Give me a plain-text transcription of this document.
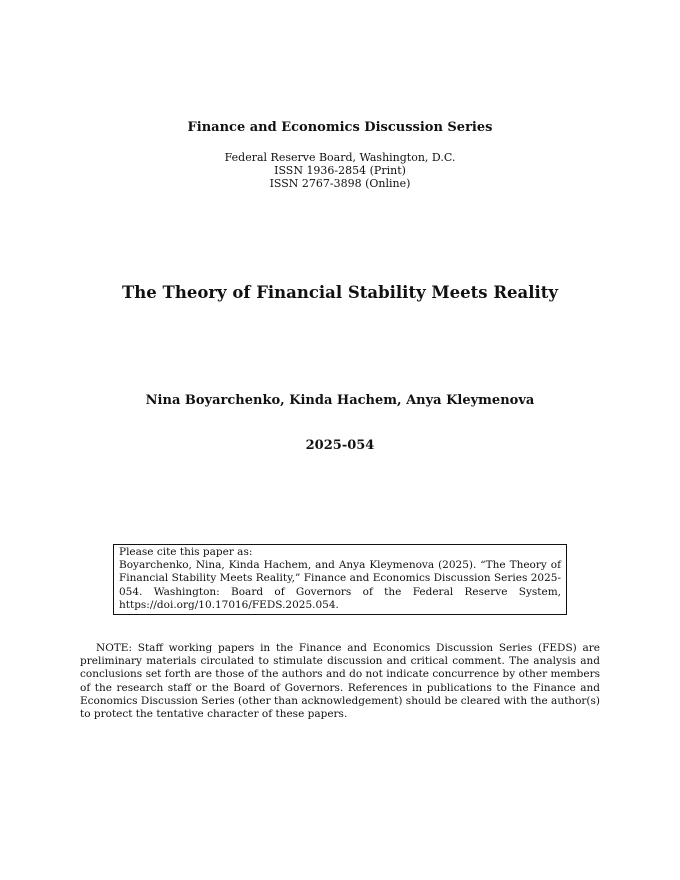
Finance and Economics Discussion Series
Federal Reserve Board, Washington, D.C.
ISSN 1936-2854 (Print)
ISSN 2767-3898 (Online)
The Theory of Financial Stability Meets Reality
Nina Boyarchenko, Kinda Hachem, Anya Kleymenova
2025-054
Please cite this paper as:
Boyarchenko, Nina, Kinda Hachem, and Anya Kleymenova (2025). “The Theory of Financial Stability Meets Reality,” Finance and Economics Discussion Series 2025-054. Washington: Board of Governors of the Federal Reserve System, https://doi.org/10.17016/FEDS.2025.054.
NOTE: Staff working papers in the Finance and Economics Discussion Series (FEDS) are preliminary materials circulated to stimulate discussion and critical comment. The analysis and conclusions set forth are those of the authors and do not indicate concurrence by other members of the research staff or the Board of Governors. References in publications to the Finance and Economics Discussion Series (other than acknowledgement) should be cleared with the author(s) to protect the tentative character of these papers.
